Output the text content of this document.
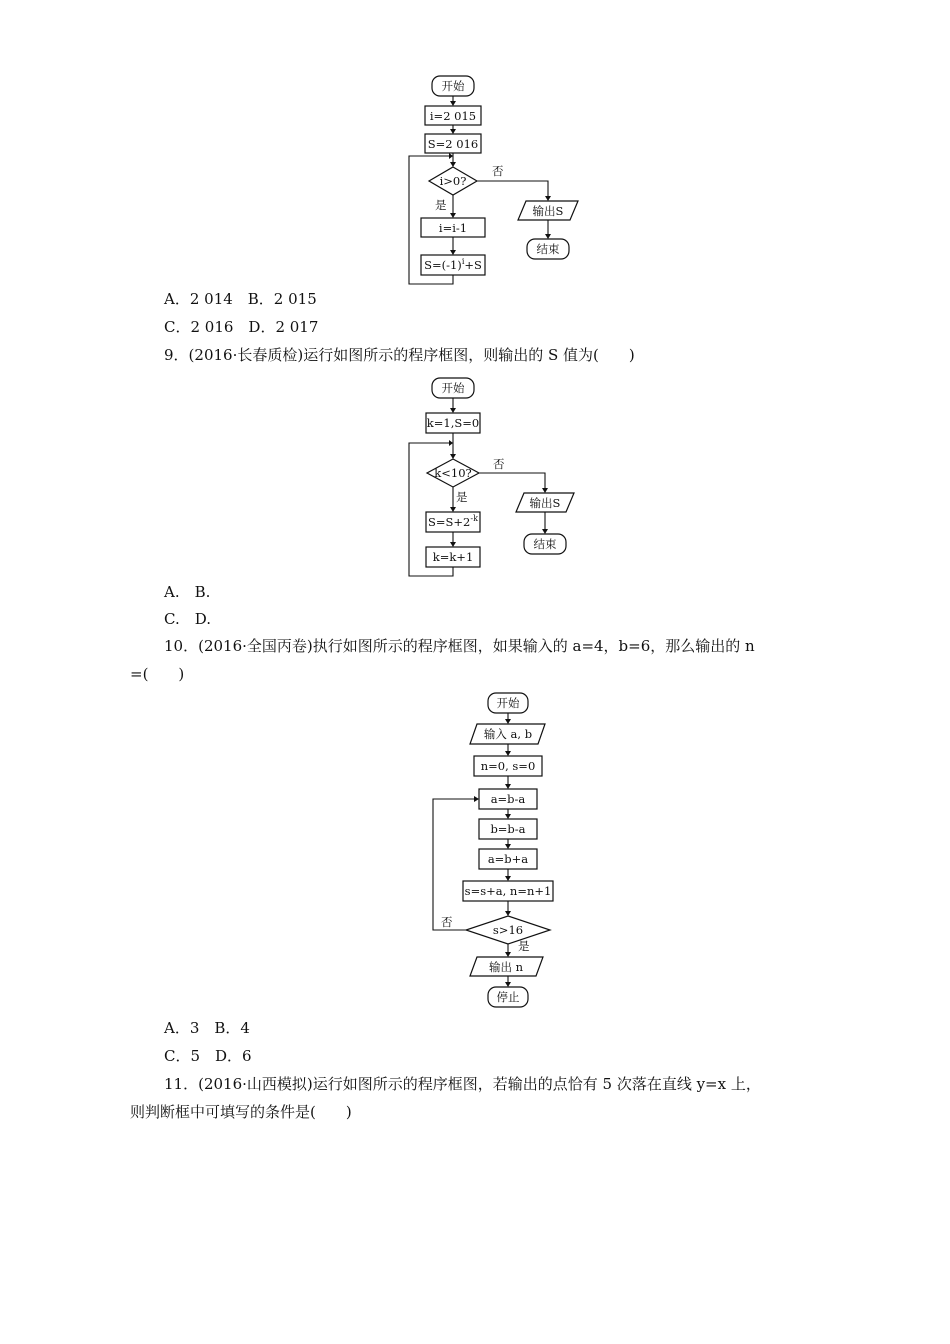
开始
i=2 015
S=2 016
i>0?
否
是
i=i-1
$S=(-1)^i+S$
输出S
结束
A．2 014　B．2 015
C．2 016　D．2 017
9．(2016·长春质检)运行如图所示的程序框图，则输出的 S 值为(　　)
开始
k=1,S=0
k<10?
否
是
$S=S+2^{-k}$
k=k+1
输出S
结束
A.　B.
C.　D.
10．(2016·全国丙卷)执行如图所示的程序框图，如果输入的 a=4，b=6，那么输出的 n
=(　　)
开始
输入 a, b
n=0, s=0
a=b-a
b=b-a
a=b+a
s=s+a, n=n+1
s>16
否
是
输出 n
停止
A．3　B．4
C．5　D．6
11．(2016·山西模拟)运行如图所示的程序框图，若输出的点恰有 5 次落在直线 y=x 上，
则判断框中可填写的条件是(　　)
